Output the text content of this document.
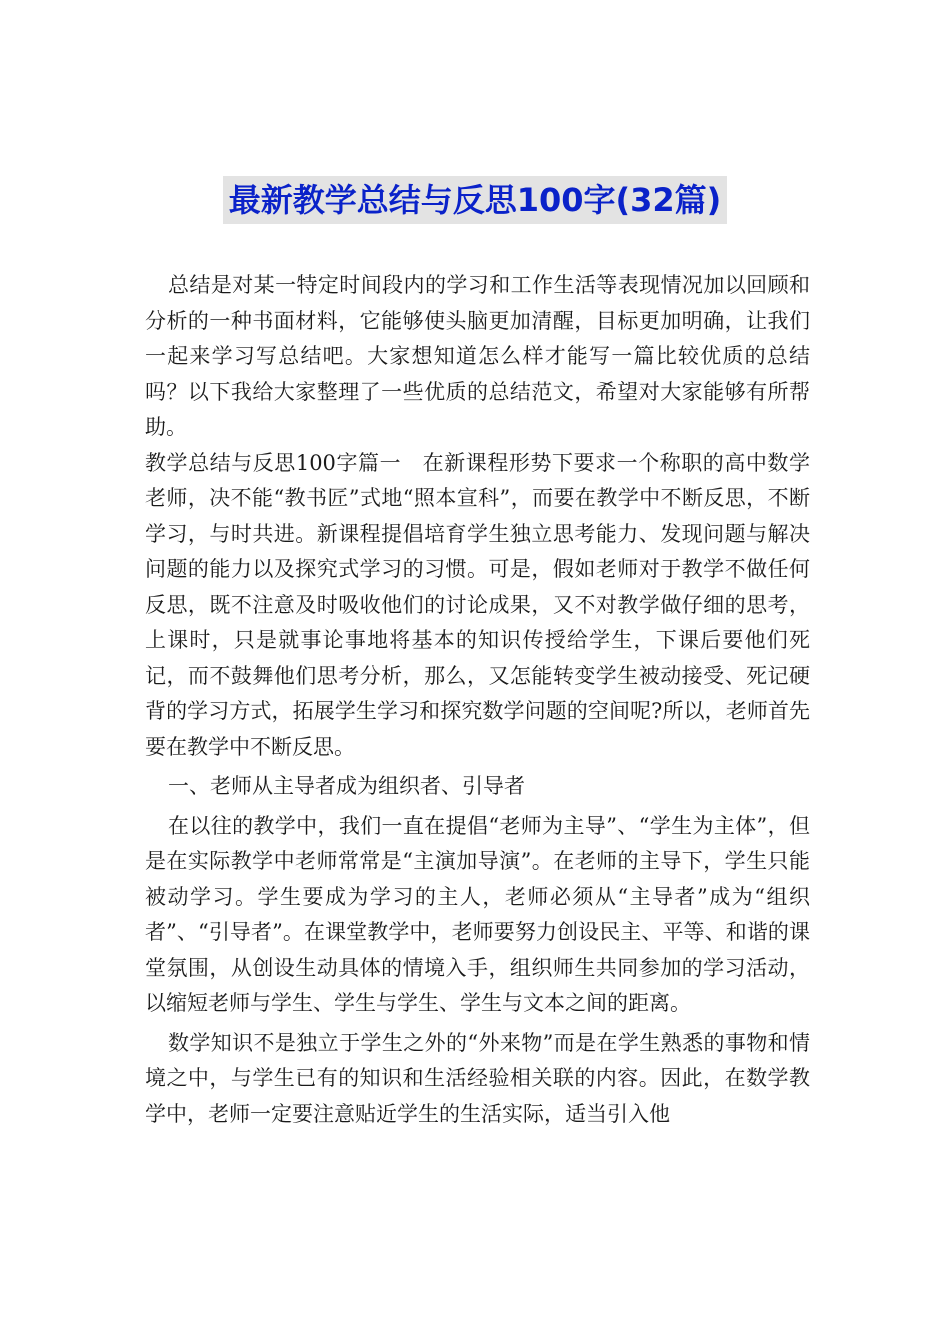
最新教学总结与反思100字(32篇)

总结是对某一特定时间段内的学习和工作生活等表现情况加以回顾和分析的一种书面材料，它能够使头脑更加清醒，目标更加明确，让我们一起来学习写总结吧。大家想知道怎么样才能写一篇比较优质的总结吗？以下我给大家整理了一些优质的总结范文，希望对大家能够有所帮助。

教学总结与反思100字篇一　在新课程形势下要求一个称职的高中数学老师，决不能“教书匠”式地“照本宣科”，而要在教学中不断反思，不断学习，与时共进。新课程提倡培育学生独立思考能力、发现问题与解决问题的能力以及探究式学习的习惯。可是，假如老师对于教学不做任何反思，既不注意及时吸收他们的讨论成果，又不对教学做仔细的思考，上课时，只是就事论事地将基本的知识传授给学生，下课后要他们死记，而不鼓舞他们思考分析，那么，又怎能转变学生被动接受、死记硬背的学习方式，拓展学生学习和探究数学问题的空间呢?所以，老师首先要在教学中不断反思。

一、老师从主导者成为组织者、引导者

在以往的教学中，我们一直在提倡“老师为主导”、“学生为主体”，但是在实际教学中老师常常是“主演加导演”。在老师的主导下，学生只能被动学习。学生要成为学习的主人，老师必须从“主导者”成为“组织者”、“引导者”。在课堂教学中，老师要努力创设民主、平等、和谐的课堂氛围，从创设生动具体的情境入手，组织师生共同参加的学习活动，以缩短老师与学生、学生与学生、学生与文本之间的距离。

数学知识不是独立于学生之外的“外来物”而是在学生熟悉的事物和情境之中，与学生已有的知识和生活经验相关联的内容。因此，在数学教学中，老师一定要注意贴近学生的生活实际，适当引入他
